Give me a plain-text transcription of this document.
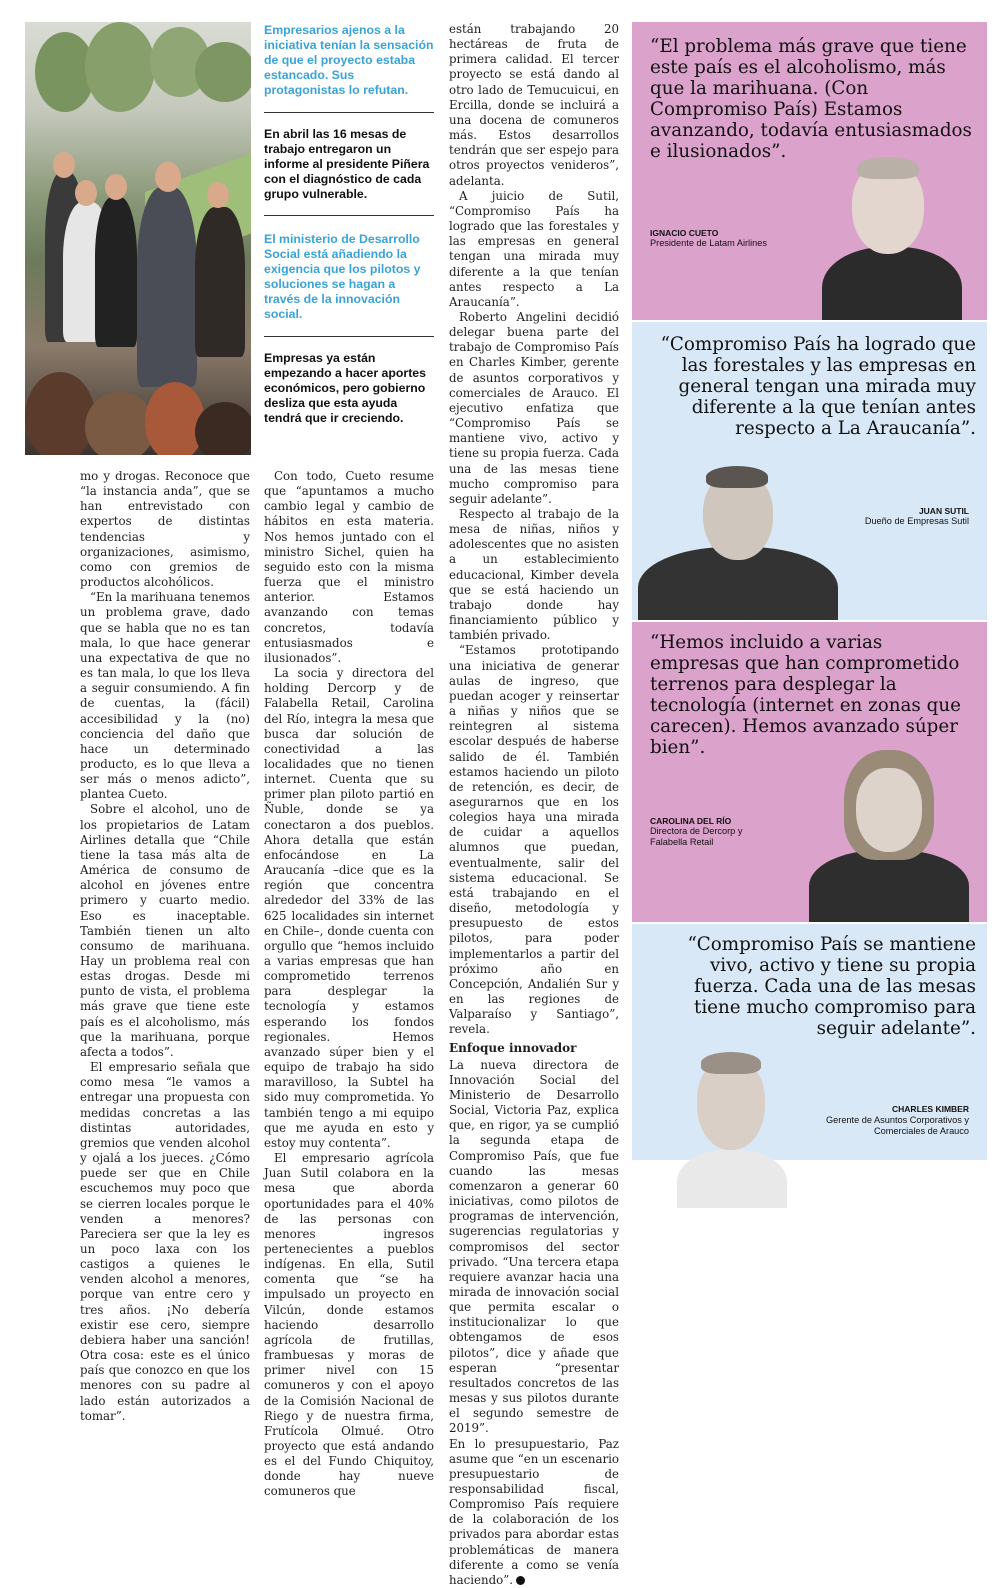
Empresarios ajenos a la iniciativa tenían la sensación de que el proyecto estaba estancado. Sus protagonistas lo refutan.
En abril las 16 mesas de trabajo entregaron un informe al presidente Piñera con el diagnóstico de cada grupo vulnerable.
El ministerio de Desarrollo Social está añadiendo la exigencia que los pilotos y soluciones se hagan a través de la innovación social.
Empresas ya están empezando a hacer aportes económicos, pero gobierno desliza que esta ayuda tendrá que ir creciendo.

mo y drogas. Reconoce que “la instancia anda”, que se han entrevistado con expertos de distintas tendencias y organizaciones, asimismo, como con gremios de productos alcohólicos.

“En la marihuana tenemos un problema grave, dado que se habla que no es tan mala, lo que hace generar una expectativa de que no es tan mala, lo que los lleva a seguir consumiendo. A fin de cuentas, la (fácil) accesibilidad y la (no) conciencia del daño que hace un determinado producto, es lo que lleva a ser más o menos adicto”, plantea Cueto.

Sobre el alcohol, uno de los propietarios de Latam Airlines detalla que “Chile tiene la tasa más alta de América de consumo de alcohol en jóvenes entre primero y cuarto medio. Eso es inaceptable. También tienen un alto consumo de marihuana. Hay un problema real con estas drogas. Desde mi punto de vista, el problema más grave que tiene este país es el alcoholismo, más que la marihuana, porque afecta a todos”.

El empresario señala que como mesa “le vamos a entregar una propuesta con medidas concretas a las distintas autoridades, gremios que venden alcohol y ojalá a los jueces. ¿Cómo puede ser que en Chile escuchemos muy poco que se cierren locales porque le venden a menores? Pareciera ser que la ley es un poco laxa con los castigos a quienes le venden alcohol a menores, porque van entre cero y tres años. ¡No debería existir ese cero, siempre debiera haber una sanción! Otra cosa: este es el único país que conozco en que los menores con su padre al lado están autorizados a tomar”.

Con todo, Cueto resume que “apuntamos a mucho cambio legal y cambio de hábitos en esta materia. Nos hemos juntado con el ministro Sichel, quien ha seguido esto con la misma fuerza que el ministro anterior. Estamos avanzando con temas concretos, todavía entusiasmados e ilusionados”.

La socia y directora del holding Dercorp y de Falabella Retail, Carolina del Río, integra la mesa que busca dar solución de conectividad a las localidades que no tienen internet. Cuenta que su primer plan piloto partió en Ñuble, donde se ya conectaron a dos pueblos. Ahora detalla que están enfocándose en La Araucanía –dice que es la región que concentra alrededor del 33% de las 625 localidades sin internet en Chile–, donde cuenta con orgullo que “hemos incluido a varias empresas que han comprometido terrenos para desplegar la tecnología y estamos esperando los fondos regionales. Hemos avanzado súper bien y el equipo de trabajo ha sido maravilloso, la Subtel ha sido muy comprometida. Yo también tengo a mi equipo que me ayuda en esto y estoy muy contenta”.

El empresario agrícola Juan Sutil colabora en la mesa que aborda oportunidades para el 40% de las personas con menores ingresos pertenecientes a pueblos indígenas. En ella, Sutil comenta que “se ha impulsado un proyecto en Vilcún, donde estamos haciendo desarrollo agrícola de frutillas, frambuesas y moras de primer nivel con 15 comuneros y con el apoyo de la Comisión Nacional de Riego y de nuestra firma, Frutícola Olmué. Otro proyecto que está andando es el del Fundo Chiquitoy, donde hay nueve comuneros que

están trabajando 20 hectáreas de fruta de primera calidad. El tercer proyecto se está dando al otro lado de Temucuicui, en Ercilla, donde se incluirá a una docena de comuneros más. Estos desarrollos tendrán que ser espejo para otros proyectos venideros”, adelanta.

A juicio de Sutil, “Compromiso País ha logrado que las forestales y las empresas en general tengan una mirada muy diferente a la que tenían antes respecto a La Araucanía”.

Roberto Angelini decidió delegar buena parte del trabajo de Compromiso País en Charles Kimber, gerente de asuntos corporativos y comerciales de Arauco. El ejecutivo enfatiza que “Compromiso País se mantiene vivo, activo y tiene su propia fuerza. Cada una de las mesas tiene mucho compromiso para seguir adelante”.

Respecto al trabajo de la mesa de niñas, niños y adolescentes que no asisten a un establecimiento educacional, Kimber devela que se está haciendo un trabajo donde hay financiamiento público y también privado.

“Estamos prototipando una iniciativa de generar aulas de ingreso, que puedan acoger y reinsertar a niñas y niños que se reintegren al sistema escolar después de haberse salido de él. También estamos haciendo un piloto de retención, es decir, de asegurarnos que en los colegios haya una mirada de cuidar a aquellos alumnos que puedan, eventualmente, salir del sistema educacional. Se está trabajando en el diseño, metodología y presupuesto de estos pilotos, para poder implementarlos a partir del próximo año en Concepción, Andalién Sur y en las regiones de Valparaíso y Santiago”, revela.

Enfoque innovador

La nueva directora de Innovación Social del Ministerio de Desarrollo Social, Victoria Paz, explica que, en rigor, ya se cumplió la segunda etapa de Compromiso País, que fue cuando las mesas comenzaron a generar 60 iniciativas, como pilotos de programas de intervención, sugerencias regulatorias y compromisos del sector privado. “Una tercera etapa requiere avanzar hacia una mirada de innovación social que permita escalar o institucionalizar lo que obtengamos de esos pilotos”, dice y añade que esperan “presentar resultados concretos de las mesas y sus pilotos durante el segundo semestre de 2019”.

En lo presupuestario, Paz asume que “en un escenario presupuestario de responsabilidad fiscal, Compromiso País requiere de la colaboración de los privados para abordar estas problemáticas de manera diferente a como se venía haciendo”.

“El problema más grave que tiene este país es el alcoholismo, más que la marihuana. (Con Compromiso País) Estamos avanzando, todavía entusiasmados e ilusionados”.
IGNACIO CUETO
Presidente de Latam Airlines
“Compromiso País ha logrado que las forestales y las empresas en general tengan una mirada muy diferente a la que tenían antes respecto a La Araucanía”.
JUAN SUTIL
Dueño de Empresas Sutil
“Hemos incluido a varias empresas que han comprometido terrenos para desplegar la tecnología (internet en zonas que carecen). Hemos avanzado súper bien”.
CAROLINA DEL RÍO
Directora de Dercorp y Falabella Retail
“Compromiso País se mantiene vivo, activo y tiene su propia fuerza. Cada una de las mesas tiene mucho compromiso para seguir adelante”.
CHARLES KIMBER
Gerente de Asuntos Corporativos y Comerciales de Arauco
